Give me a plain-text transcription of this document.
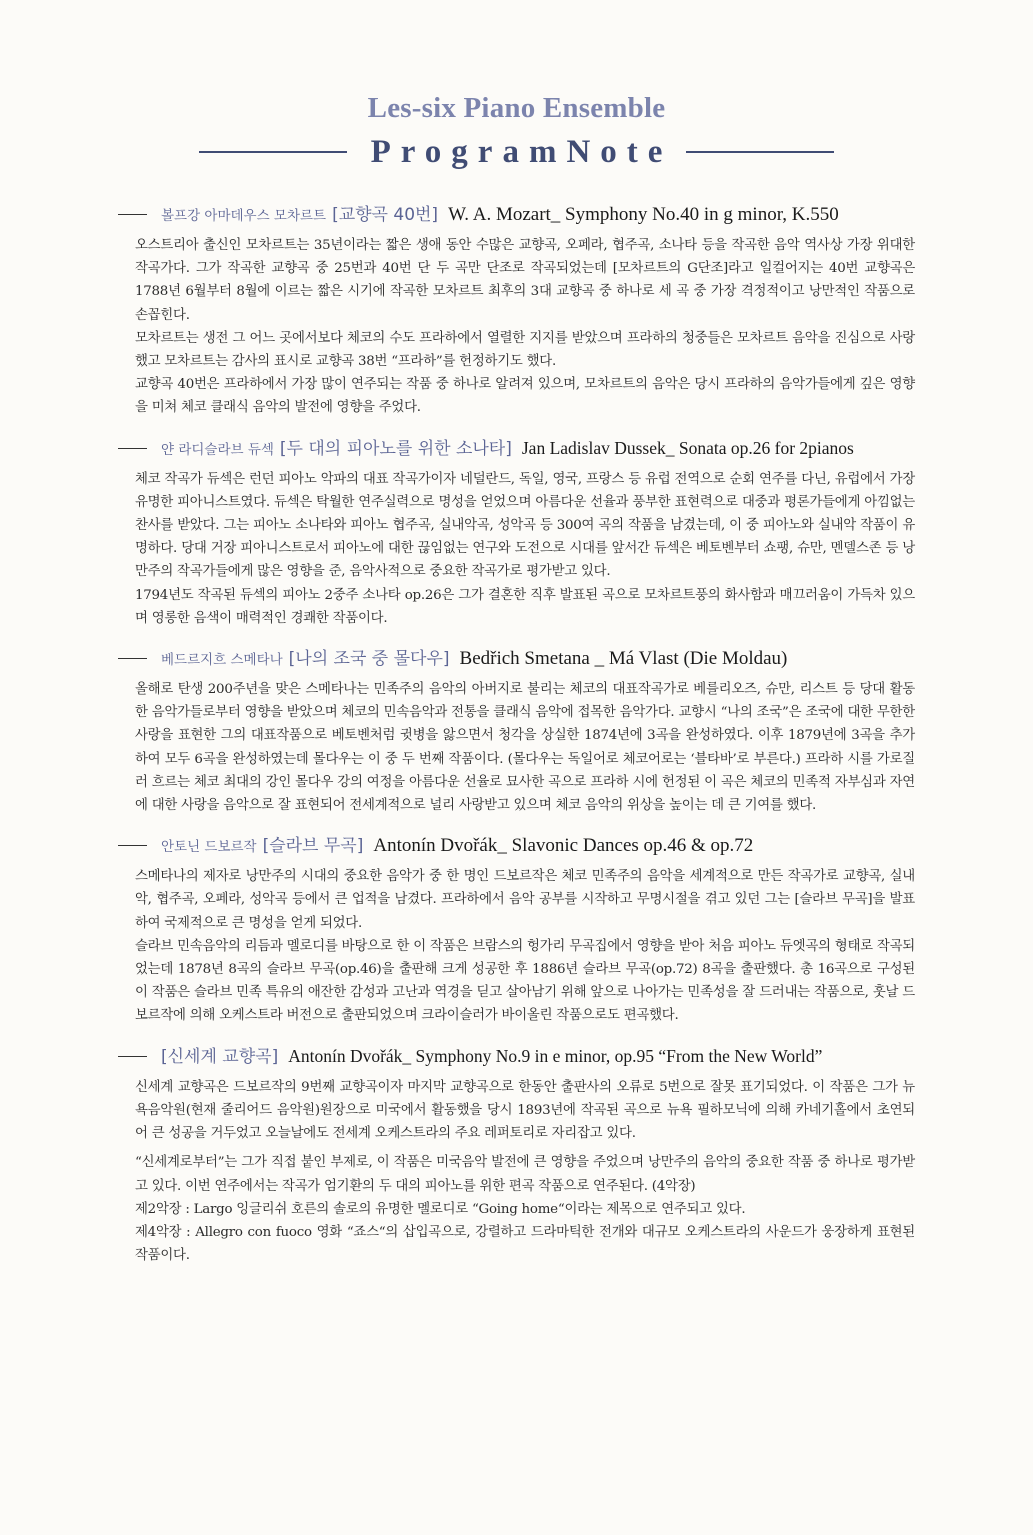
Les-six Piano Ensemble
ProgramNote
볼프강 아마데우스 모차르트 [교향곡 40번] W. A. Mozart_ Symphony No.40 in g minor, K.550

오스트리아 출신인 모차르트는 35년이라는 짧은 생애 동안 수많은 교향곡, 오페라, 협주곡, 소나타 등을 작곡한 음악 역사상 가장 위대한 작곡가다. 그가 작곡한 교향곡 중 25번과 40번 단 두 곡만 단조로 작곡되었는데 [모차르트의 G단조]라고 일컬어지는 40번 교향곡은 1788년 6월부터 8월에 이르는 짧은 시기에 작곡한 모차르트 최후의 3대 교향곡 중 하나로 세 곡 중 가장 격정적이고 낭만적인 작품으로 손꼽힌다.

모차르트는 생전 그 어느 곳에서보다 체코의 수도 프라하에서 열렬한 지지를 받았으며 프라하의 청중들은 모차르트 음악을 진심으로 사랑했고 모차르트는 감사의 표시로 교향곡 38번 “프라하”를 헌정하기도 했다.

교향곡 40번은 프라하에서 가장 많이 연주되는 작품 중 하나로 알려져 있으며, 모차르트의 음악은 당시 프라하의 음악가들에게 깊은 영향을 미쳐 체코 클래식 음악의 발전에 영향을 주었다.

얀 라디슬라브 듀섹 [두 대의 피아노를 위한 소나타] Jan Ladislav Dussek_ Sonata op.26 for 2pianos

체코 작곡가 듀섹은 런던 피아노 악파의 대표 작곡가이자 네덜란드, 독일, 영국, 프랑스 등 유럽 전역으로 순회 연주를 다닌, 유럽에서 가장 유명한 피아니스트였다. 듀섹은 탁월한 연주실력으로 명성을 얻었으며 아름다운 선율과 풍부한 표현력으로 대중과 평론가들에게 아낌없는 찬사를 받았다. 그는 피아노 소나타와 피아노 협주곡, 실내악곡, 성악곡 등 300여 곡의 작품을 남겼는데, 이 중 피아노와 실내악 작품이 유명하다. 당대 거장 피아니스트로서 피아노에 대한 끊임없는 연구와 도전으로 시대를 앞서간 듀섹은 베토벤부터 쇼팽, 슈만, 멘델스존 등 낭만주의 작곡가들에게 많은 영향을 준, 음악사적으로 중요한 작곡가로 평가받고 있다.

1794년도 작곡된 듀섹의 피아노 2중주 소나타 op.26은 그가 결혼한 직후 발표된 곡으로 모차르트풍의 화사함과 매끄러움이 가득차 있으며 영롱한 음색이 매력적인 경쾌한 작품이다.

베드르지흐 스메타나 [나의 조국 중 몰다우] Bedřich Smetana _ Má Vlast (Die Moldau)

올해로 탄생 200주년을 맞은 스메타나는 민족주의 음악의 아버지로 불리는 체코의 대표작곡가로 베를리오즈, 슈만, 리스트 등 당대 활동한 음악가들로부터 영향을 받았으며 체코의 민속음악과 전통을 클래식 음악에 접목한 음악가다. 교향시 “나의 조국”은 조국에 대한 무한한 사랑을 표현한 그의 대표작품으로 베토벤처럼 귓병을 앓으면서 청각을 상실한 1874년에 3곡을 완성하였다. 이후 1879년에 3곡을 추가하여 모두 6곡을 완성하였는데 몰다우는 이 중 두 번째 작품이다. (몰다우는 독일어로 체코어로는 ‘블타바’로 부른다.) 프라하 시를 가로질러 흐르는 체코 최대의 강인 몰다우 강의 여정을 아름다운 선율로 묘사한 곡으로 프라하 시에 헌정된 이 곡은 체코의 민족적 자부심과 자연에 대한 사랑을 음악으로 잘 표현되어 전세계적으로 널리 사랑받고 있으며 체코 음악의 위상을 높이는 데 큰 기여를 했다.

안토닌 드보르작 [슬라브 무곡] Antonín Dvořák_ Slavonic Dances op.46 & op.72

스메타나의 제자로 낭만주의 시대의 중요한 음악가 중 한 명인 드보르작은 체코 민족주의 음악을 세계적으로 만든 작곡가로 교향곡, 실내악, 협주곡, 오페라, 성악곡 등에서 큰 업적을 남겼다. 프라하에서 음악 공부를 시작하고 무명시절을 겪고 있던 그는 [슬라브 무곡]을 발표하여 국제적으로 큰 명성을 얻게 되었다.

슬라브 민속음악의 리듬과 멜로디를 바탕으로 한 이 작품은 브람스의 헝가리 무곡집에서 영향을 받아 처음 피아노 듀엣곡의 형태로 작곡되었는데 1878년 8곡의 슬라브 무곡(op.46)을 출판해 크게 성공한 후 1886년 슬라브 무곡(op.72) 8곡을 출판했다. 총 16곡으로 구성된 이 작품은 슬라브 민족 특유의 애잔한 감성과 고난과 역경을 딛고 살아남기 위해 앞으로 나아가는 민족성을 잘 드러내는 작품으로, 훗날 드보르작에 의해 오케스트라 버전으로 출판되었으며 크라이슬러가 바이올린 작품으로도 편곡했다.

[신세계 교향곡] Antonín Dvořák_ Symphony No.9 in e minor, op.95 “From the New World”

신세계 교향곡은 드보르작의 9번째 교향곡이자 마지막 교향곡으로 한동안 출판사의 오류로 5번으로 잘못 표기되었다. 이 작품은 그가 뉴욕음악원(현재 줄리어드 음악원)원장으로 미국에서 활동했을 당시 1893년에 작곡된 곡으로 뉴욕 필하모닉에 의해 카네기홀에서 초연되어 큰 성공을 거두었고 오늘날에도 전세계 오케스트라의 주요 레퍼토리로 자리잡고 있다.

“신세계로부터”는 그가 직접 붙인 부제로, 이 작품은 미국음악 발전에 큰 영향을 주었으며 낭만주의 음악의 중요한 작품 중 하나로 평가받고 있다. 이번 연주에서는 작곡가 엄기환의 두 대의 피아노를 위한 편곡 작품으로 연주된다. (4악장)

제2악장 : Largo 잉글리쉬 호른의 솔로의 유명한 멜로디로 “Going home“이라는 제목으로 연주되고 있다.

제4악장 : Allegro con fuoco 영화 “죠스“의 삽입곡으로, 강렬하고 드라마틱한 전개와 대규모 오케스트라의 사운드가 웅장하게 표현된 작품이다.
